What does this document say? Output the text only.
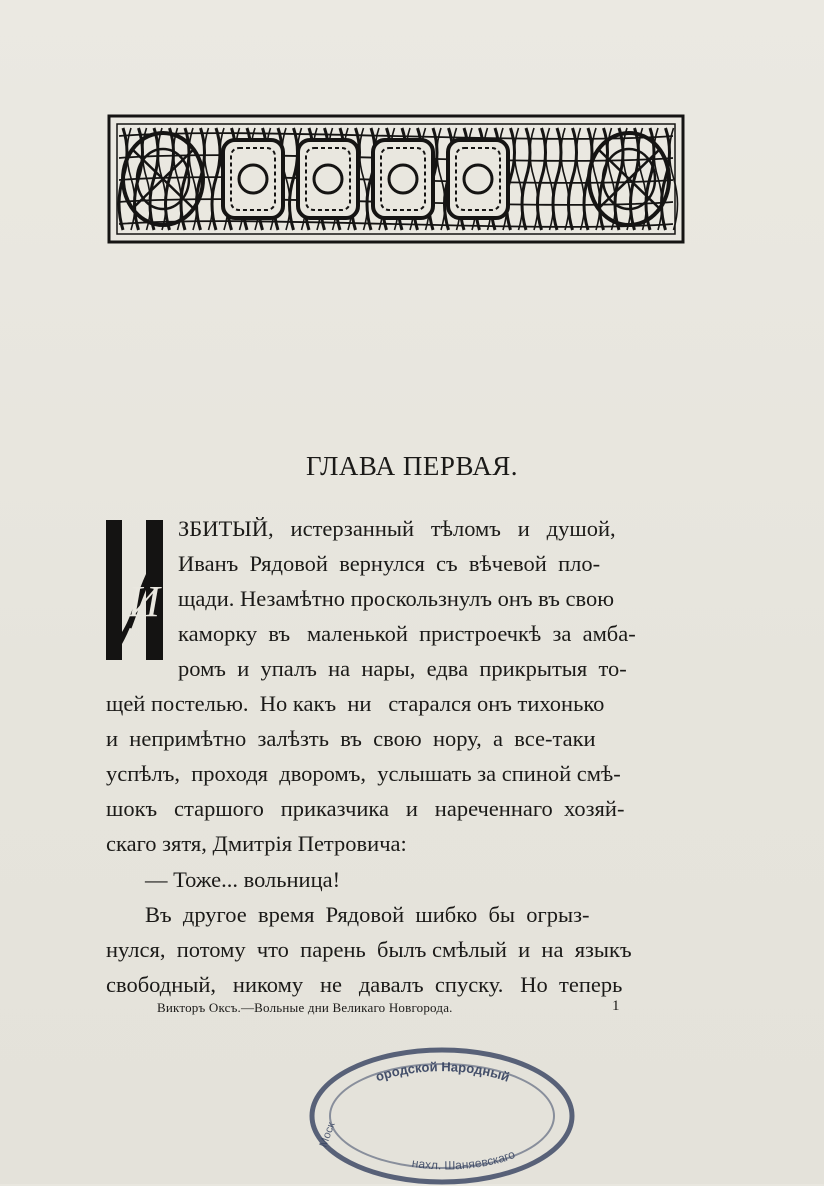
ГЛАВА ПЕРВАЯ.
И
ЗБИТЫЙ,   истерзанный   тѣломъ   и   душой,
Иванъ  Рядовой  вернулся  съ  вѣчевой  пло-
щади. Незамѣтно проскользнулъ онъ въ свою
каморку  въ   маленькой  пристроечкѣ  за  амба-
ромъ  и  упалъ  на  нары,  едва  прикрытыя  то-
щей постелью.  Но какъ  ни   старался онъ тихонько
и  непримѣтно  залѣзть  въ  свою  нору,  а  все-таки
успѣлъ,  проходя  дворомъ,  услышать за спиной смѣ-
шокъ   старшого   приказчика   и   нареченнаго  хозяй-
скаго зятя, Дмитрія Петровича:
— Тоже... вольница!
Въ  другое  время  Рядовой  шибко  бы  огрыз-
нулся,  потому  что  парень  былъ смѣлый  и  на  языкъ
свободный,   никому   не   давалъ  спуску.   Но  теперь
Викторъ Оксъ.—Вольные дни Великаго Новгорода.	1
ородской Народный
нахл. Шаняевскаго
Моск
